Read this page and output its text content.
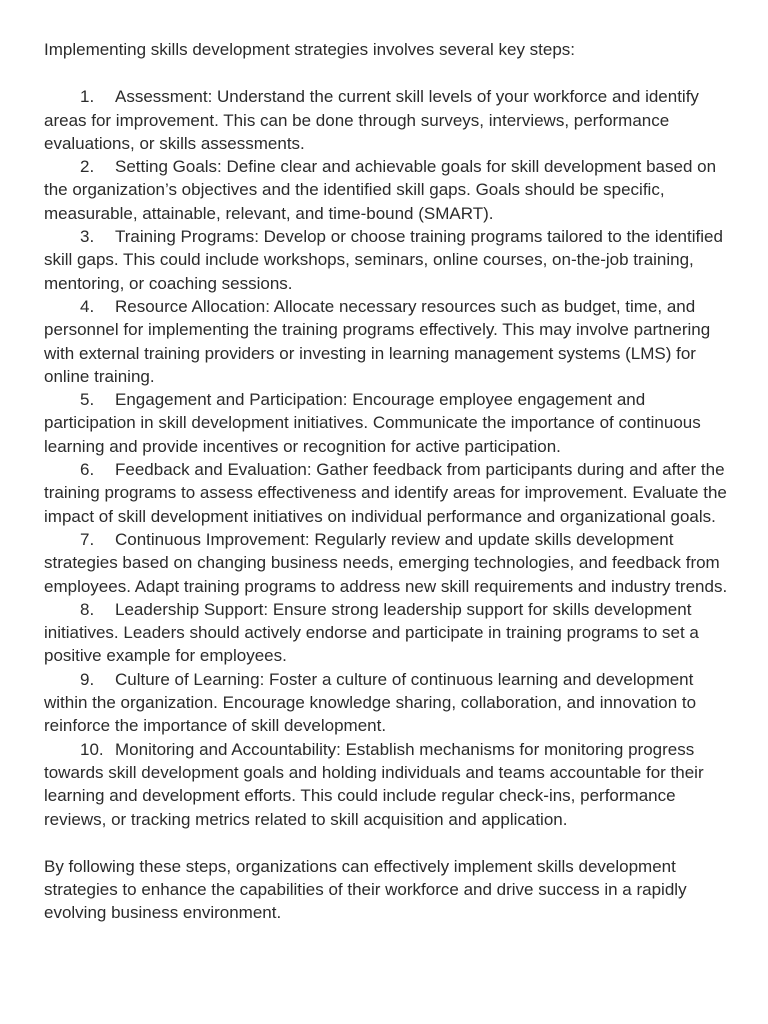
Implementing skills development strategies involves several key steps:

1. Assessment: Understand the current skill levels of your workforce and identify areas for improvement. This can be done through surveys, interviews, performance evaluations, or skills assessments.

2. Setting Goals: Define clear and achievable goals for skill development based on the organization’s objectives and the identified skill gaps. Goals should be specific, measurable, attainable, relevant, and time-bound (SMART).

3. Training Programs: Develop or choose training programs tailored to the identified skill gaps. This could include workshops, seminars, online courses, on-the-job training, mentoring, or coaching sessions.

4. Resource Allocation: Allocate necessary resources such as budget, time, and personnel for implementing the training programs effectively. This may involve partnering with external training providers or investing in learning management systems (LMS) for online training.

5. Engagement and Participation: Encourage employee engagement and participation in skill development initiatives. Communicate the importance of continuous learning and provide incentives or recognition for active participation.

6. Feedback and Evaluation: Gather feedback from participants during and after the training programs to assess effectiveness and identify areas for improvement. Evaluate the impact of skill development initiatives on individual performance and organizational goals.

7. Continuous Improvement: Regularly review and update skills development strategies based on changing business needs, emerging technologies, and feedback from employees. Adapt training programs to address new skill requirements and industry trends.

8. Leadership Support: Ensure strong leadership support for skills development initiatives. Leaders should actively endorse and participate in training programs to set a positive example for employees.

9. Culture of Learning: Foster a culture of continuous learning and development within the organization. Encourage knowledge sharing, collaboration, and innovation to reinforce the importance of skill development.

10. Monitoring and Accountability: Establish mechanisms for monitoring progress towards skill development goals and holding individuals and teams accountable for their learning and development efforts. This could include regular check-ins, performance reviews, or tracking metrics related to skill acquisition and application.

By following these steps, organizations can effectively implement skills development strategies to enhance the capabilities of their workforce and drive success in a rapidly evolving business environment.
